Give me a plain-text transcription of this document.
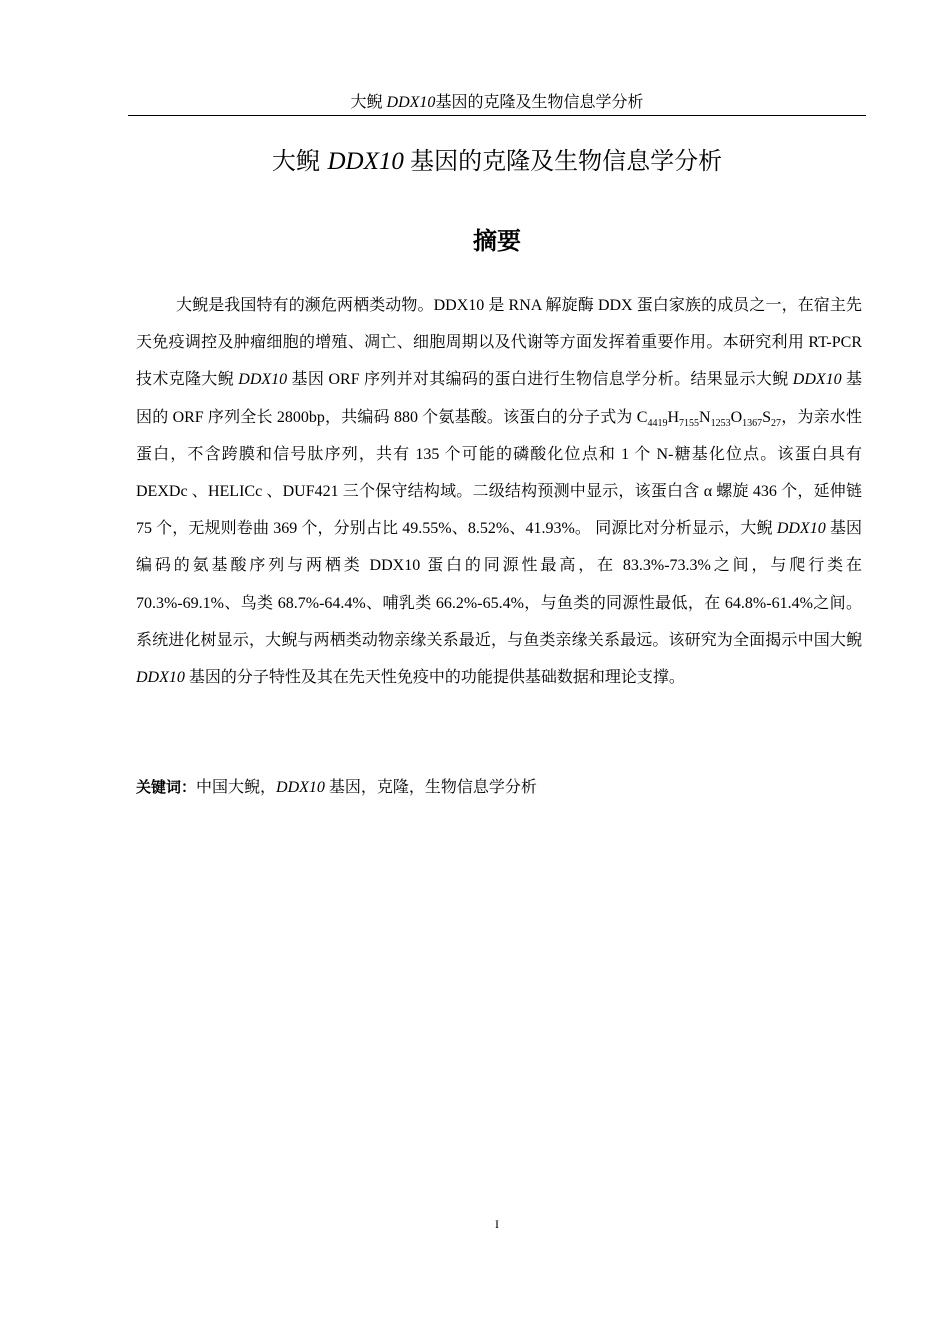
大鲵 DDX10基因的克隆及生物信息学分析
大鲵 DDX10 基因的克隆及生物信息学分析
摘要

大鲵是我国特有的濒危两栖类动物。DDX10 是 RNA 解旋酶 DDX 蛋白家族的成员之一，在宿主先天免疫调控及肿瘤细胞的增殖、凋亡、细胞周期以及代谢等方面发挥着重要作用。本研究利用 RT-PCR 技术克隆大鲵 DDX10 基因 ORF 序列并对其编码的蛋白进行生物信息学分析。结果显示大鲵 DDX10 基因的 ORF 序列全长 2800bp，共编码 880 个氨基酸。该蛋白的分子式为 $C_{4419}H_{7155}N_{1253}O_{1367}S_{27}$，为亲水性蛋白，不含跨膜和信号肽序列，共有 135 个可能的磷酸化位点和 1 个 N-糖基化位点。该蛋白具有 DEXDc 、HELICc 、DUF421 三个保守结构域。二级结构预测中显示，该蛋白含 α 螺旋 436 个，延伸链 75 个，无规则卷曲 369 个，分别占比 49.55%、8.52%、41.93%。 同源比对分析显示，大鲵 DDX10 基因编码的氨基酸序列与两栖类 DDX10 蛋白的同源性最高，在 83.3%-73.3%之间，与爬行类在 70.3%-69.1%、鸟类 68.7%-64.4%、哺乳类 66.2%-65.4%，与鱼类的同源性最低，在 64.8%-61.4%之间。系统进化树显示，大鲵与两栖类动物亲缘关系最近，与鱼类亲缘关系最远。该研究为全面揭示中国大鲵 DDX10 基因的分子特性及其在先天性免疫中的功能提供基础数据和理论支撑。

关键词：中国大鲵，DDX10 基因，克隆，生物信息学分析
I
